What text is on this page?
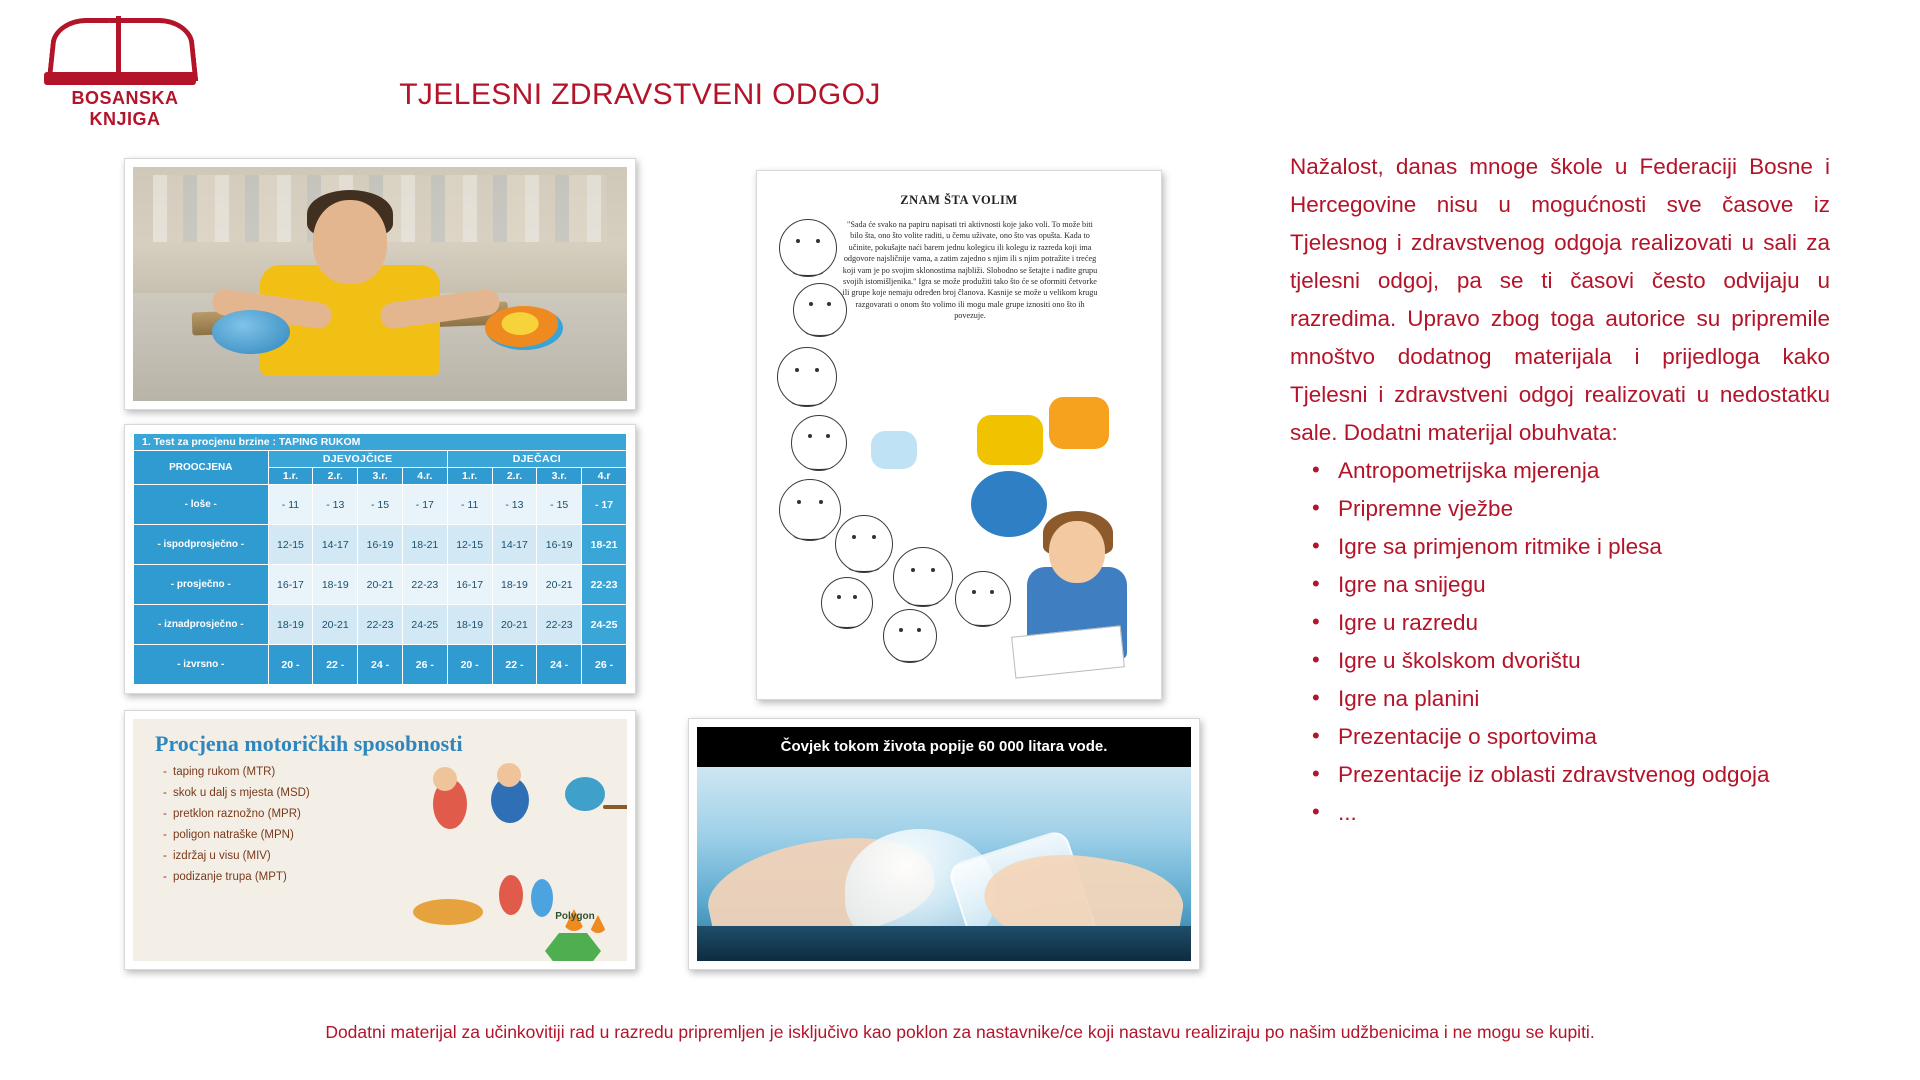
BOSANSKA KNJIGA
TJELESNI ZDRAVSTVENI ODGOJ
1. Test za procjenu brzine : TAPING RUKOM								
PROOCJENA	DJEVOJČICE				DJEČACI			
	1.r.	2.r.	3.r.	4.r.	1.r.	2.r.	3.r.	4.r
- loše -	- 11	- 13	- 15	- 17	- 11	- 13	- 15	- 17
- ispodprosječno -	12-15	14-17	16-19	18-21	12-15	14-17	16-19	18-21
- prosječno -	16-17	18-19	20-21	22-23	16-17	18-19	20-21	22-23
- iznadprosječno -	18-19	20-21	22-23	24-25	18-19	20-21	22-23	24-25
- izvrsno -	20 -	22 -	24 -	26 -	20 -	22 -	24 -	26 -
Procjena motoričkih sposobnosti
- taping rukom (MTR)
- skok u dalj s mjesta (MSD)
- pretklon raznožno (MPR)
- poligon natraške (MPN)
- izdržaj u visu (MIV)
- podizanje trupa (MPT)
Polygon
ZNAM ŠTA VOLIM
"Sada će svako na papiru napisati tri aktivnosti koje jako voli. To može biti bilo šta, ono što volite raditi, u čemu uživate, ono što vas opušta. Kada to učinite, pokušajte naći barem jednu kolegicu ili kolegu iz razreda koji ima odgovore najsličnije vama, a zatim zajedno s njim ili s njim potražite i trećeg koji vam je po svojim sklonostima najbliži. Slobodno se šetajte i nađite grupu svojih istomišljenika." Igra se može produžiti tako što će se oformiti četvorke ili grupe koje nemaju određen broj članova. Kasnije se može u velikom krugu razgovarati o onom što volimo ili mogu male grupe iznositi ono što ih povezuje.
Čovjek tokom života popije 60 000 litara vode.

Nažalost, danas mnoge škole u Federaciji Bosne i Hercegovine nisu u mogućnosti sve časove iz Tjelesnog i zdravstvenog odgoja realizovati u sali za tjelesni odgoj, pa se ti časovi često odvijaju u razredima. Upravo zbog toga autorice su pripremile mnoštvo dodatnog materijala i prijedloga kako Tjelesni i zdravstveni odgoj realizovati u nedostatku sale. Dodatni materijal obuhvata:

• Antropometrijska mjerenja
• Pripremne vježbe
• Igre sa primjenom ritmike i plesa
• Igre na snijegu
• Igre u razredu
• Igre u školskom dvorištu
• Igre na planini
• Prezentacije o sportovima
• Prezentacije iz oblasti zdravstvenog odgoja
• ...
Dodatni materijal za učinkovitiji rad u razredu pripremljen je isključivo kao poklon za nastavnike/ce koji nastavu realiziraju po našim udžbenicima i ne mogu se kupiti.
